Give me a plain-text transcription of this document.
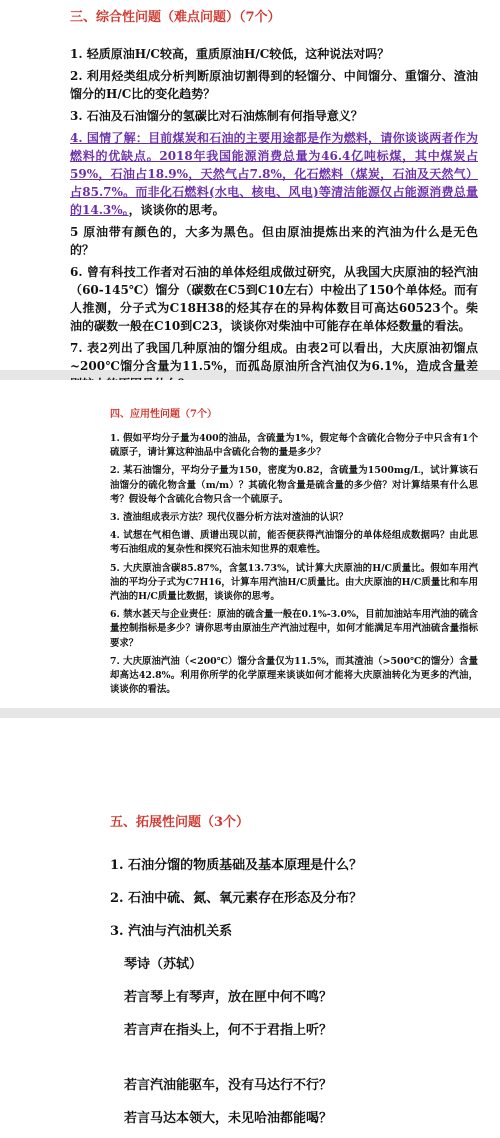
三、综合性问题（难点问题）（7个）

1. 轻质原油H/C较高，重质原油H/C较低，这种说法对吗？

2. 利用烃类组成分析判断原油切割得到的轻馏分、中间馏分、重馏分、渣油馏分的H/C比的变化趋势？

3. 石油及石油馏分的氢碳比对石油炼制有何指导意义？

4. 国情了解：目前煤炭和石油的主要用途都是作为燃料，请你谈谈两者作为燃料的优缺点。2018年我国能源消费总量为46.4亿吨标煤，其中煤炭占59%，石油占18.9%，天然气占7.8%，化石燃料（煤炭，石油及天然气）占85.7%。而非化石燃料(水电、核电、风电)等清洁能源仅占能源消费总量的14.3%。，谈谈你的思考。

5 原油带有颜色的，大多为黑色。但由原油提炼出来的汽油为什么是无色的？

6. 曾有科技工作者对石油的单体烃组成做过研究，从我国大庆原油的轻汽油（60-145℃）馏分（碳数在C5到C10左右）中检出了150个单体烃。而有人推测，分子式为C18H38的烃其存在的异构体数目可高达60523个。柴油的碳数一般在C10到C23，谈谈你对柴油中可能存在单体烃数量的看法。

7. 表2列出了我国几种原油的馏分组成。由表2可以看出，大庆原油初馏点~200℃馏分含量为11.5%，而孤岛原油所含汽油仅为6.1%，造成含量差

四、应用性问题（7个）

1. 假如平均分子量为400的油品，含硫量为1%，假定每个含硫化合物分子中只含有1个硫原子，请计算这种油品中含硫化合物的量是多少？

2. 某石油馏分，平均分子量为150，密度为0.82，含硫量为1500mg/L，试计算该石油馏分的硫化物含量（m/m）？其硫化物含量是硫含量的多少倍？对计算结果有什么思考？假设每个含硫化合物只含一个硫原子。

3. 渣油组成表示方法？现代仪器分析方法对渣油的认识？

4. 试想在气相色谱、质谱出现以前，能否便获得汽油馏分的单体烃组成数据吗？由此思考石油组成的复杂性和探究石油未知世界的艰难性。

5. 大庆原油含碳85.87%，含氢13.73%，试计算大庆原油的H/C质量比。假如车用汽油的平均分子式为C7H16，计算车用汽油H/C质量比。由大庆原油的H/C质量比和车用汽油的H/C质量比数据，谈谈你的思考。

6. 禁水甚天与企业责任：原油的硫含量一般在0.1%-3.0%，目前加油站车用汽油的硫含量控制指标是多少？请你思考由原油生产汽油过程中，如何才能满足车用汽油硫含量指标要求？

7. 大庆原油汽油（<200℃）馏分含量仅为11.5%，而其渣油（>500℃的馏分）含量却高达42.8%。利用你所学的化学原理来谈谈如何才能将大庆原油转化为更多的汽油，谈谈你的看法。

五、拓展性问题（3个）

1. 石油分馏的物质基础及基本原理是什么？

2. 石油中硫、氮、氧元素存在形态及分布？

3. 汽油与汽油机关系

琴诗（苏轼）

若言琴上有琴声，放在匣中何不鸣？

若言声在指头上，何不于君指上听？

若言汽油能驱车，没有马达行不行？

若言马达本领大，未见哈油都能喝？
